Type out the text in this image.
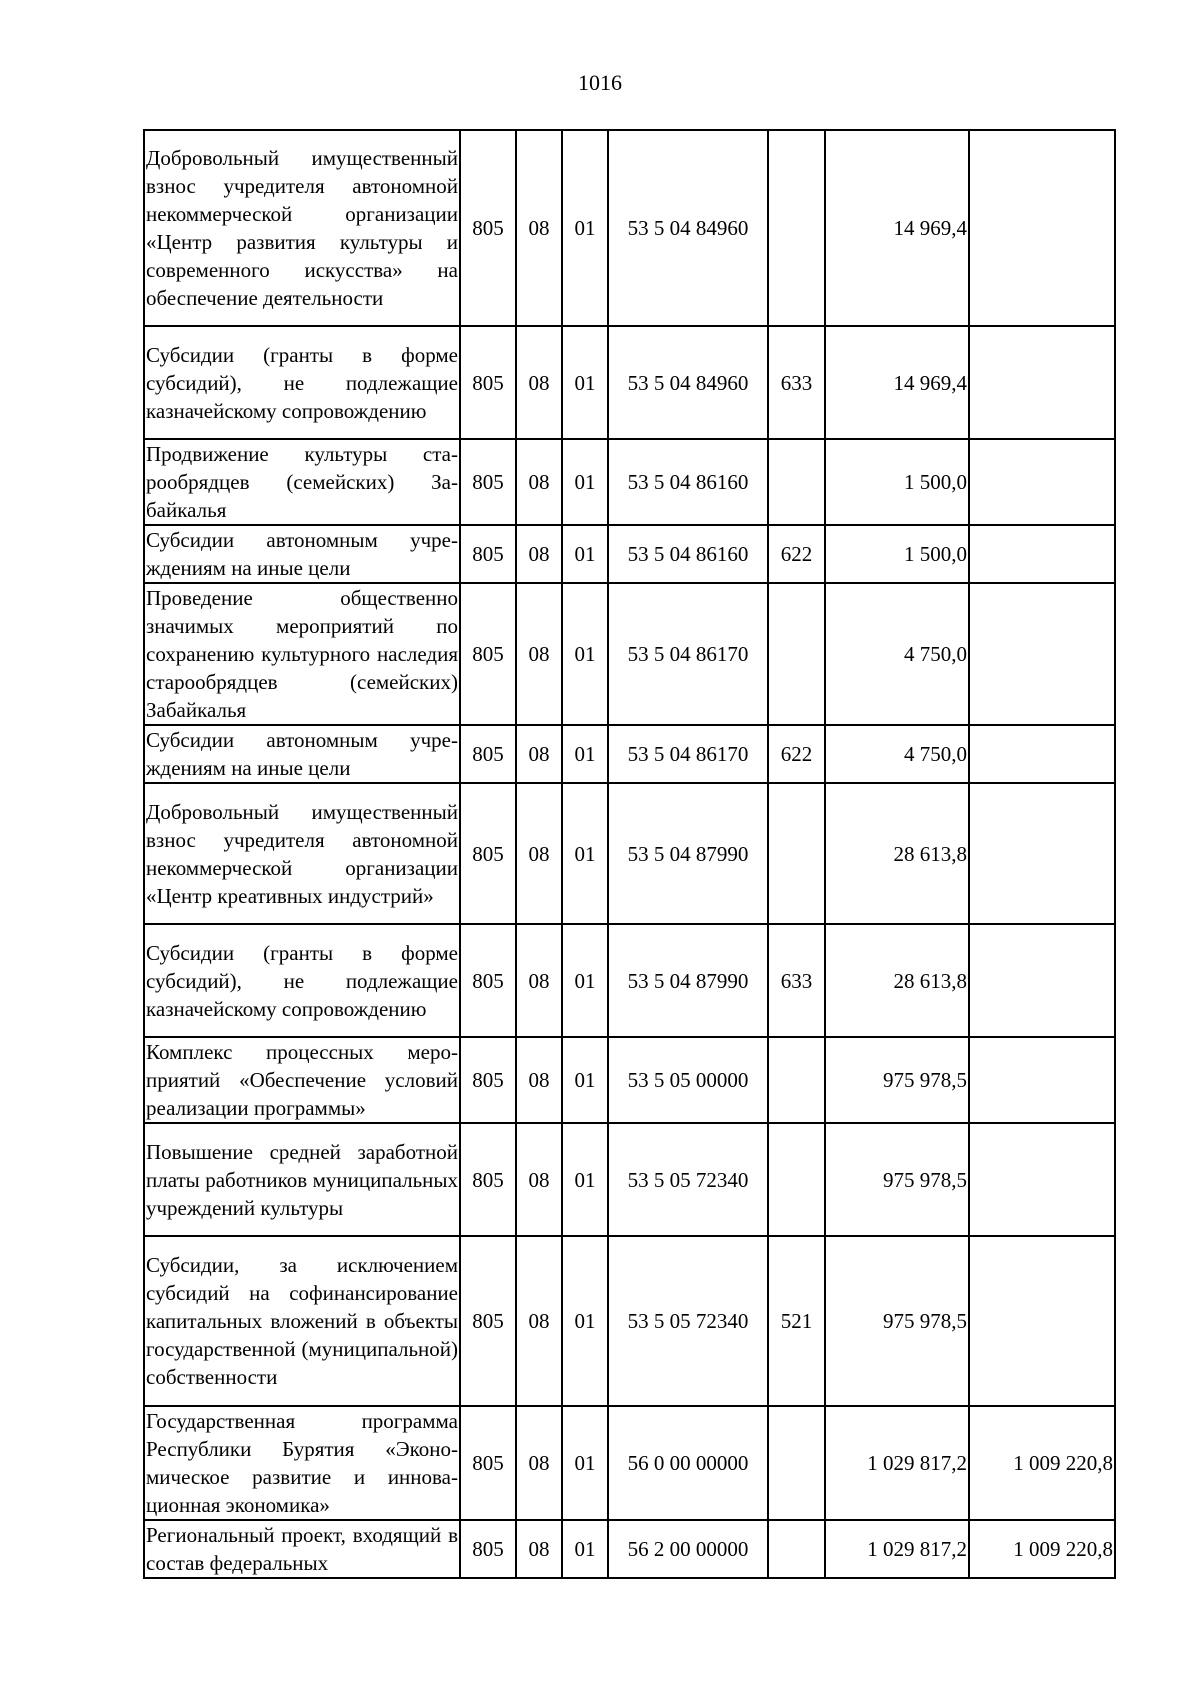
1016
Добровольный имущественный взнос учредителя автономной некоммерческой организации «Центр развития культуры и современного искусства» на обеспечение деятельности	805	08	01	53 5 04 84960		14 969,4	
Субсидии (гранты в форме субсидий), не подлежащие казначейскому сопровождению	805	08	01	53 5 04 84960	633	14 969,4	
Продвижение культуры старообрядцев (семейских) Забайкалья	805	08	01	53 5 04 86160		1 500,0	
Субсидии автономным учреждениям на иные цели	805	08	01	53 5 04 86160	622	1 500,0	
Проведение общественно значимых мероприятий по сохранению культурного наследия старообрядцев (семейских) Забайкалья	805	08	01	53 5 04 86170		4 750,0	
Субсидии автономным учреждениям на иные цели	805	08	01	53 5 04 86170	622	4 750,0	
Добровольный имущественный взнос учредителя автономной некоммерческой организации «Центр креативных индустрий»	805	08	01	53 5 04 87990		28 613,8	
Субсидии (гранты в форме субсидий), не подлежащие казначейскому сопровождению	805	08	01	53 5 04 87990	633	28 613,8	
Комплекс процессных мероприятий «Обеспечение условий реализации программы»	805	08	01	53 5 05 00000		975 978,5	
Повышение средней заработной платы работников муниципальных учреждений культуры	805	08	01	53 5 05 72340		975 978,5	
Субсидии, за исключением субсидий на софинансирование капитальных вложений в объекты государственной (муниципальной) собственности	805	08	01	53 5 05 72340	521	975 978,5	
Государственная программа Республики Бурятия «Экономическое развитие и инновационная экономика»	805	08	01	56 0 00 00000		1 029 817,2	1 009 220,8
Региональный проект, входящий в состав федеральных	805	08	01	56 2 00 00000		1 029 817,2	1 009 220,8
